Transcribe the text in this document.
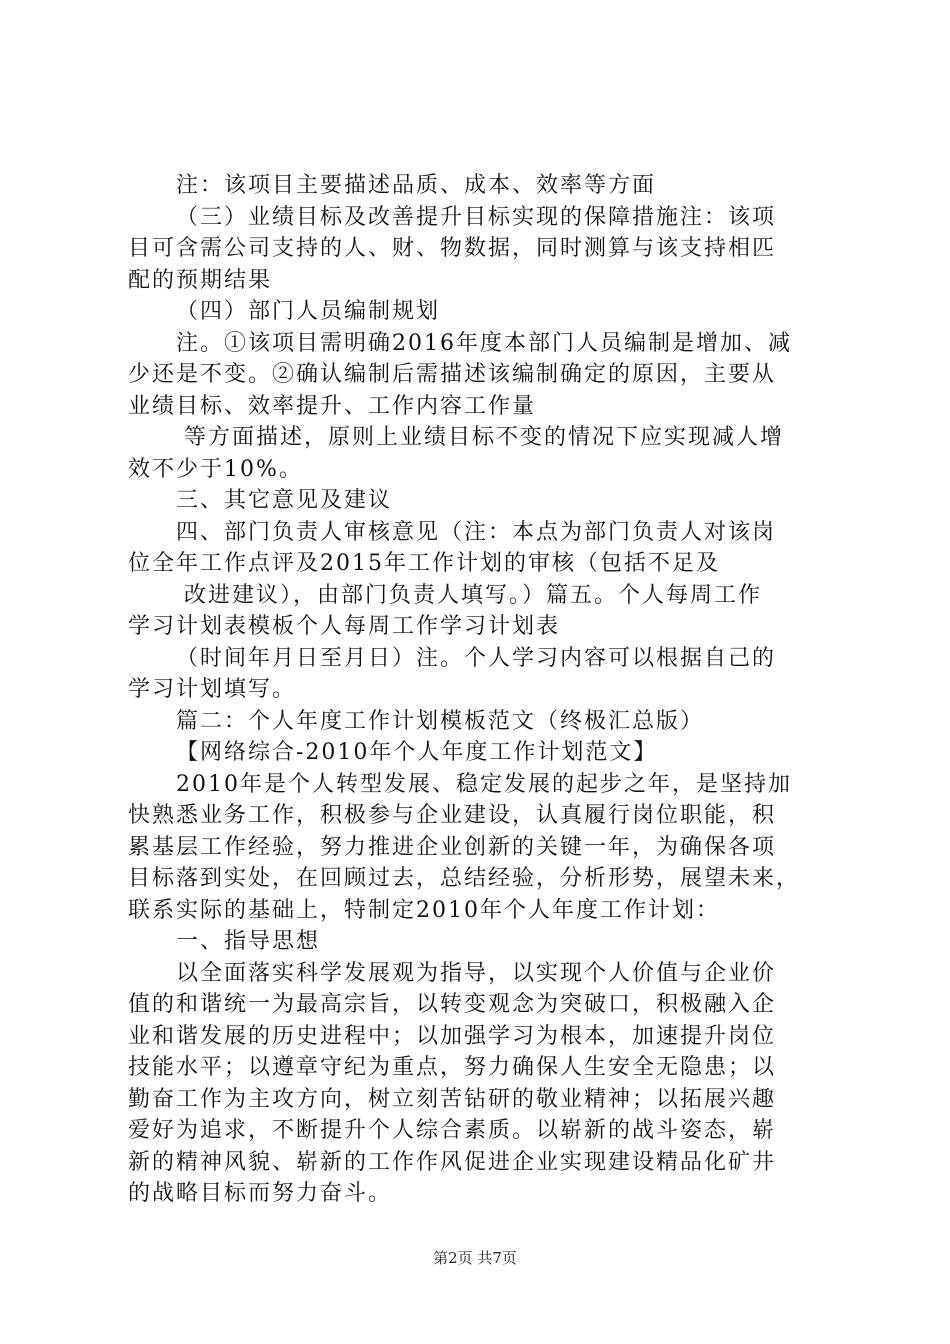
注：该项目主要描述品质、成本、效率等方面
（三）业绩目标及改善提升目标实现的保障措施注：该项
目可含需公司支持的人、财、物数据，同时测算与该支持相匹
配的预期结果
（四）部门人员编制规划
注。①该项目需明确2016年度本部门人员编制是增加、减
少还是不变。②确认编制后需描述该编制确定的原因，主要从
业绩目标、效率提升、工作内容工作量
等方面描述，原则上业绩目标不变的情况下应实现减人增
效不少于10%。
三、其它意见及建议
四、部门负责人审核意见（注：本点为部门负责人对该岗
位全年工作点评及2015年工作计划的审核（包括不足及
改进建议），由部门负责人填写。）篇五。个人每周工作
学习计划表模板个人每周工作学习计划表
（时间年月日至月日）注。个人学习内容可以根据自己的
学习计划填写。
篇二：个人年度工作计划模板范文（终极汇总版）
【网络综合-2010年个人年度工作计划范文】
2010年是个人转型发展、稳定发展的起步之年，是坚持加
快熟悉业务工作，积极参与企业建设，认真履行岗位职能，积
累基层工作经验，努力推进企业创新的关键一年，为确保各项
目标落到实处，在回顾过去，总结经验，分析形势，展望未来，
联系实际的基础上，特制定2010年个人年度工作计划：
一、指导思想
以全面落实科学发展观为指导，以实现个人价值与企业价
值的和谐统一为最高宗旨，以转变观念为突破口，积极融入企
业和谐发展的历史进程中；以加强学习为根本，加速提升岗位
技能水平；以遵章守纪为重点，努力确保人生安全无隐患；以
勤奋工作为主攻方向，树立刻苦钻研的敬业精神；以拓展兴趣
爱好为追求，不断提升个人综合素质。以崭新的战斗姿态，崭
新的精神风貌、崭新的工作作风促进企业实现建设精品化矿井
的战略目标而努力奋斗。
第2页 共7页
